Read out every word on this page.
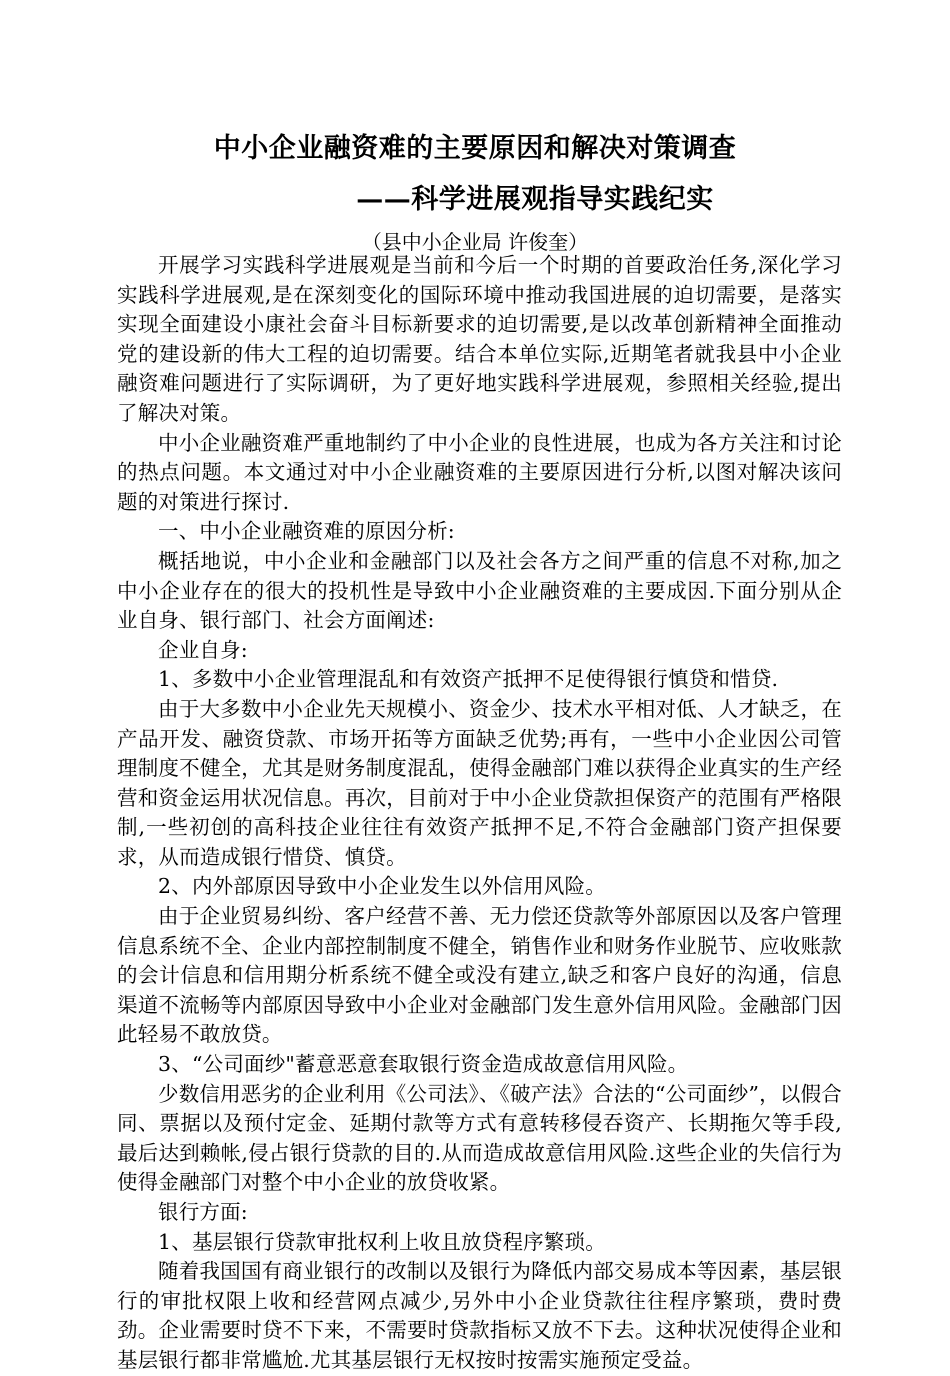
中小企业融资难的主要原因和解决对策调查
——科学进展观指导实践纪实
（县中小企业局 许俊奎）

开展学习实践科学进展观是当前和今后一个时期的首要政治任务,深化学习实践科学进展观,是在深刻变化的国际环境中推动我国进展的迫切需要，是落实实现全面建设小康社会奋斗目标新要求的迫切需要,是以改革创新精神全面推动党的建设新的伟大工程的迫切需要。结合本单位实际,近期笔者就我县中小企业融资难问题进行了实际调研，为了更好地实践科学进展观，参照相关经验,提出了解决对策。

中小企业融资难严重地制约了中小企业的良性进展，也成为各方关注和讨论的热点问题。本文通过对中小企业融资难的主要原因进行分析,以图对解决该问题的对策进行探讨.

一、中小企业融资难的原因分析:

概括地说，中小企业和金融部门以及社会各方之间严重的信息不对称,加之中小企业存在的很大的投机性是导致中小企业融资难的主要成因.下面分别从企业自身、银行部门、社会方面阐述:

企业自身:

1、多数中小企业管理混乱和有效资产抵押不足使得银行慎贷和惜贷.

由于大多数中小企业先天规模小、资金少、技术水平相对低、人才缺乏，在产品开发、融资贷款、市场开拓等方面缺乏优势;再有，一些中小企业因公司管理制度不健全，尤其是财务制度混乱，使得金融部门难以获得企业真实的生产经营和资金运用状况信息。再次，目前对于中小企业贷款担保资产的范围有严格限制,一些初创的高科技企业往往有效资产抵押不足,不符合金融部门资产担保要求，从而造成银行惜贷、慎贷。

2、内外部原因导致中小企业发生以外信用风险。

由于企业贸易纠纷、客户经营不善、无力偿还贷款等外部原因以及客户管理信息系统不全、企业内部控制制度不健全，销售作业和财务作业脱节、应收账款的会计信息和信用期分析系统不健全或没有建立,缺乏和客户良好的沟通，信息渠道不流畅等内部原因导致中小企业对金融部门发生意外信用风险。金融部门因此轻易不敢放贷。

3、“公司面纱"蓄意恶意套取银行资金造成故意信用风险。

少数信用恶劣的企业利用《公司法》、《破产法》合法的“公司面纱”，以假合同、票据以及预付定金、延期付款等方式有意转移侵吞资产、长期拖欠等手段,最后达到赖帐,侵占银行贷款的目的.从而造成故意信用风险.这些企业的失信行为使得金融部门对整个中小企业的放贷收紧。

银行方面:

1、基层银行贷款审批权利上收且放贷程序繁琐。

随着我国国有商业银行的改制以及银行为降低内部交易成本等因素，基层银行的审批权限上收和经营网点减少,另外中小企业贷款往往程序繁琐，费时费劲。企业需要时贷不下来，不需要时贷款指标又放不下去。这种状况使得企业和基层银行都非常尴尬.尤其基层银行无权按时按需实施预定受益。
